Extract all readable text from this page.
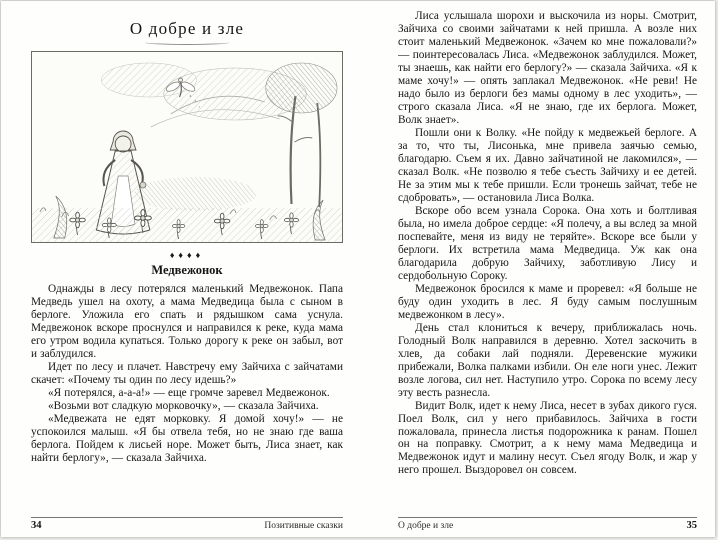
О добре и зле
♦♦♦♦
Медвежонок

Однажды в лесу потерялся маленький Медвежонок. Папа Медведь ушел на охоту, а мама Медведица была с сыном в берлоге. Уложила его спать и рядышком сама уснула. Медвежонок вскоре проснулся и направился к реке, куда мама его утром водила купаться. Только дорогу к реке он забыл, вот и заблудился.

Идет по лесу и плачет. Навстречу ему Зайчиха с зайчатами скачет: «Почему ты один по лесу идешь?»

«Я потерялся, а-а-а!» — еще громче заревел Медвежонок.

«Возьми вот сладкую морковочку», — сказала Зайчиха.

«Медвежата не едят морковку. Я домой хочу!» — не успокоился малыш. «Я бы отвела тебя, но не знаю где ваша берлога. Пойдем к лисьей норе. Может быть, Лиса знает, как найти берлогу», — сказала Зайчиха.

34	Позитивные сказки

Лиса услышала шорохи и выскочила из норы. Смотрит, Зайчиха со своими зайчатами к ней пришла. А возле них стоит маленький Медвежонок. «Зачем ко мне пожаловали?» — поинтересовалась Лиса. «Медвежонок заблудился. Может, ты знаешь, как найти его берлогу?» — сказала Зайчиха. «Я к маме хочу!» — опять заплакал Медвежонок. «Не реви! Не надо было из берлоги без мамы одному в лес уходить», — строго сказала Лиса. «Я не знаю, где их берлога. Может, Волк знает».

Пошли они к Волку. «Не пойду к медвежьей берлоге. А за то, что ты, Лисонька, мне привела заячью семью, благодарю. Съем я их. Давно зайчатиной не лакомился», — сказал Волк. «Не позволю я тебе съесть Зайчиху и ее детей. Не за этим мы к тебе пришли. Если тронешь зайчат, тебе не сдобровать», — остановила Лиса Волка.

Вскоре обо всем узнала Сорока. Она хоть и болтливая была, но имела доброе сердце: «Я полечу, а вы вслед за мной поспевайте, меня из виду не теряйте». Вскоре все были у берлоги. Их встретила мама Медведица. Уж как она благодарила добрую Зайчиху, заботливую Лису и сердобольную Сороку.

Медвежонок бросился к маме и проревел: «Я больше не буду один уходить в лес. Я буду самым послушным медвежонком в лесу».

День стал клониться к вечеру, приближалась ночь. Голодный Волк направился в деревню. Хотел заскочить в хлев, да собаки лай подняли. Деревенские мужики прибежали, Волка палками избили. Он еле ноги унес. Лежит возле логова, сил нет. Наступило утро. Сорока по всему лесу эту весть разнесла.

Видит Волк, идет к нему Лиса, несет в зубах дикого гуся. Поел Волк, сил у него прибавилось. Зайчиха в гости пожаловала, принесла листья подорожника к ранам. Пошел он на поправку. Смотрит, а к нему мама Медведица и Медвежонок идут и малину несут. Съел ягоду Волк, и жар у него прошел. Выздоровел он совсем.

О добре и зле	35
